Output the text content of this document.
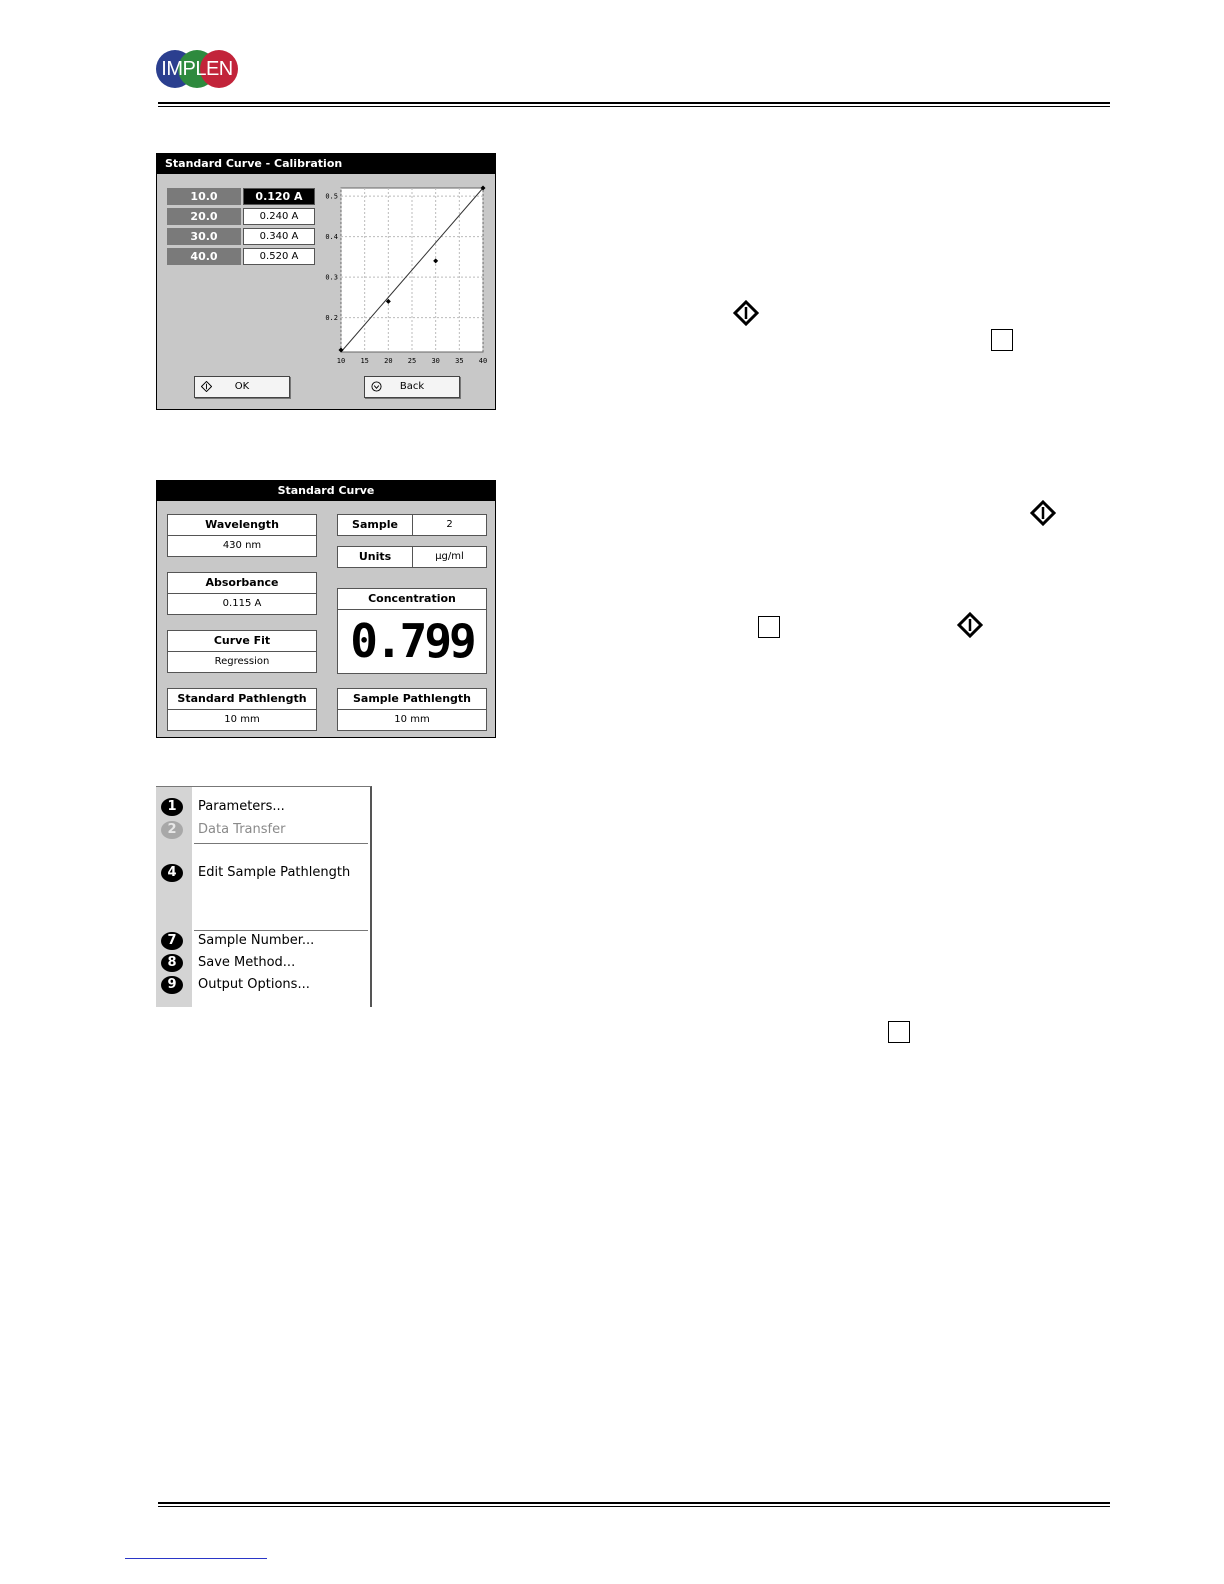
IMPLEN
Standard Curve - Calibration
10.0	0.120 A
20.0	0.240 A
30.0	0.340 A
40.0	0.520 A
10 15 20 25 30 35 40
0.2
0.3
0.4
0.5
OK	Back
Standard Curve
Wavelength
430 nm
Absorbance
0.115 A
Curve Fit
Regression
Standard Pathlength
10 mm
Sample	2
Units	µg/ml
Concentration
0.799
Sample Pathlength
10 mm
1	Parameters...
2	Data Transfer
4	Edit Sample Pathlength
7	Sample Number...
8	Save Method...
9	Output Options...
